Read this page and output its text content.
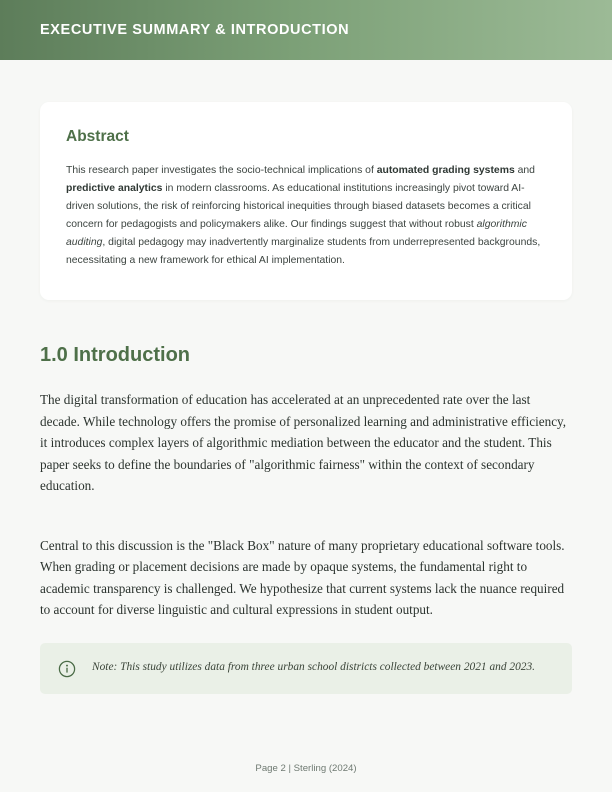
EXECUTIVE SUMMARY & INTRODUCTION
Abstract

This research paper investigates the socio-technical implications of automated grading systems and predictive analytics in modern classrooms. As educational institutions increasingly pivot toward AI-driven solutions, the risk of reinforcing historical inequities through biased datasets becomes a critical concern for pedagogists and policymakers alike. Our findings suggest that without robust algorithmic auditing, digital pedagogy may inadvertently marginalize students from underrepresented backgrounds, necessitating a new framework for ethical AI implementation.

1.0 Introduction

The digital transformation of education has accelerated at an unprecedented rate over the last decade. While technology offers the promise of personalized learning and administrative efficiency, it introduces complex layers of algorithmic mediation between the educator and the student. This paper seeks to define the boundaries of "algorithmic fairness" within the context of secondary education.

Central to this discussion is the "Black Box" nature of many proprietary educational software tools. When grading or placement decisions are made by opaque systems, the fundamental right to academic transparency is challenged. We hypothesize that current systems lack the nuance required to account for diverse linguistic and cultural expressions in student output.

Note: This study utilizes data from three urban school districts collected between 2021 and 2023.

Page 2 | Sterling (2024)
